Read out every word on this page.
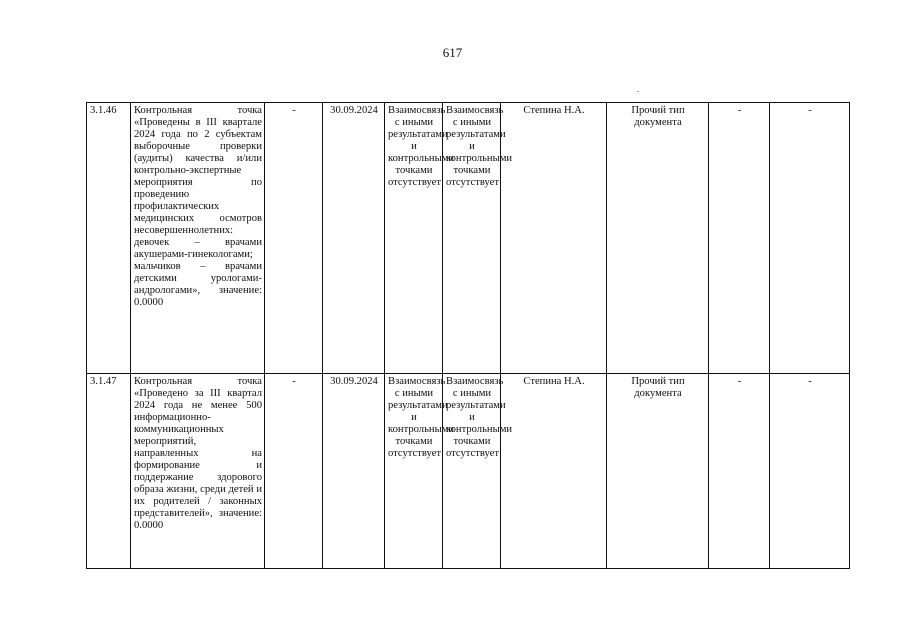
617
3.1.46	Контрольная точка «Проведены в III квартале 2024 года по 2 субъектам выборочные проверки (аудиты) качества и/или контрольно-экспертные мероприятия по проведению профилактических медицинских осмотров несовершеннолетних: девочек – врачами акушерами-гинекологами; мальчиков – врачами детскими урологами-андрологами», значение: 0.0000	-	30.09.2024	Взаимосвязь с иными результатами и контрольными точками отсутствует	Взаимосвязь с иными результатами и контрольными точками отсутствует	Степина Н.А.	Прочий тип документа	-	-
3.1.47	Контрольная точка «Проведено за III квартал 2024 года не менее 500 информационно-коммуникационных мероприятий, направленных на формирование и поддержание здорового образа жизни, среди детей и их родителей / законных представителей», значение: 0.0000	-	30.09.2024	Взаимосвязь с иными результатами и контрольными точками отсутствует	Взаимосвязь с иными результатами и контрольными точками отсутствует	Степина Н.А.	Прочий тип документа	-	-
